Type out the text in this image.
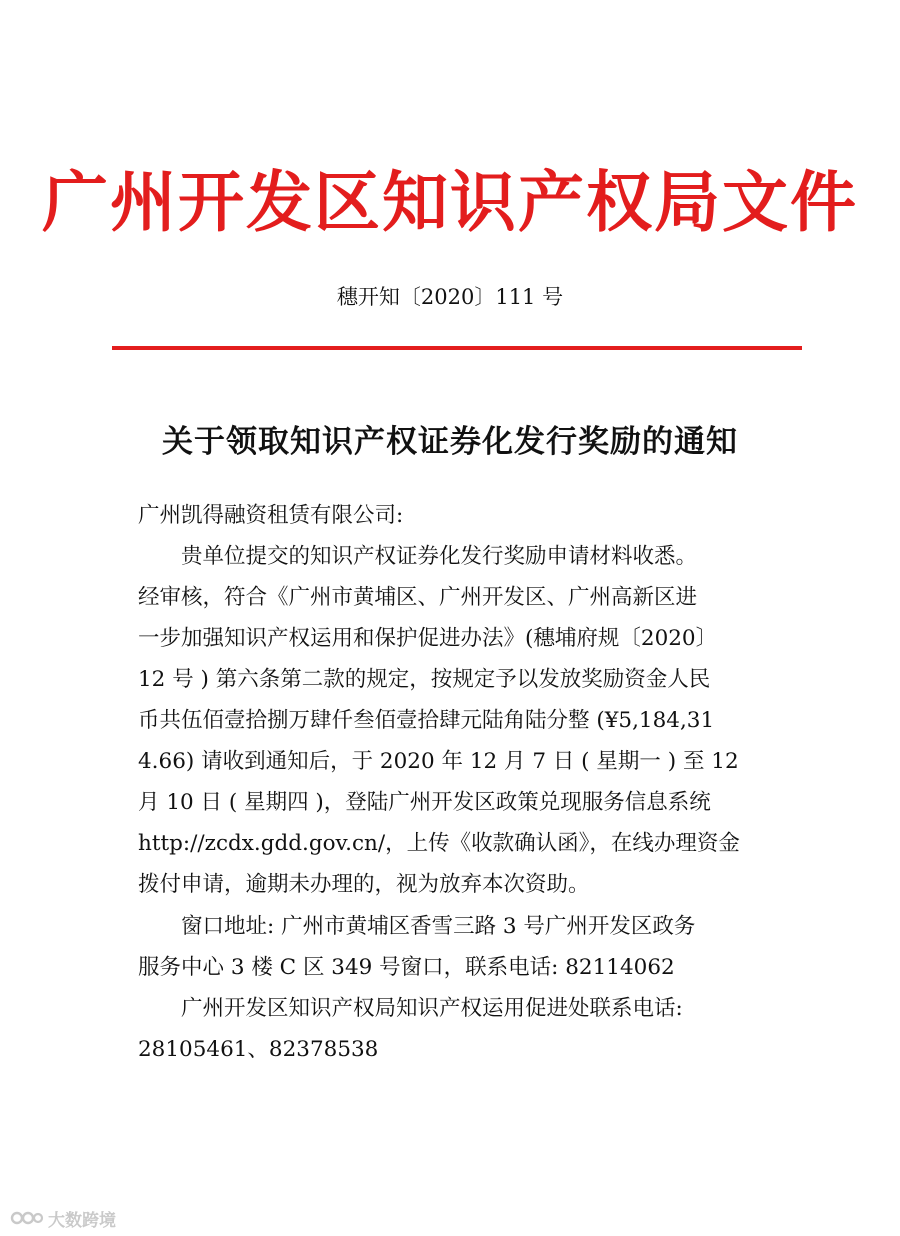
广州开发区知识产权局文件
穗开知〔2020〕111 号
关于领取知识产权证券化发行奖励的通知
广州凯得融资租赁有限公司:
贵单位提交的知识产权证券化发行奖励申请材料收悉。
经审核，符合《广州市黄埔区、广州开发区、广州高新区进
一步加强知识产权运用和保护促进办法》(穗埔府规〔2020〕
12 号 ) 第六条第二款的规定，按规定予以发放奖励资金人民
币共伍佰壹拾捌万肆仟叁佰壹拾肆元陆角陆分整 (¥5,184,31
4.66) 请收到通知后，于 2020 年 12 月 7 日 ( 星期一 ) 至 12
月 10 日 ( 星期四 )，登陆广州开发区政策兑现服务信息系统
http://zcdx.gdd.gov.cn/，上传《收款确认函》，在线办理资金
拨付申请，逾期未办理的，视为放弃本次资助。
窗口地址: 广州市黄埔区香雪三路 3 号广州开发区政务
服务中心 3 楼 C 区 349 号窗口，联系电话: 82114062
广州开发区知识产权局知识产权运用促进处联系电话:
28105461、82378538
大数跨境
